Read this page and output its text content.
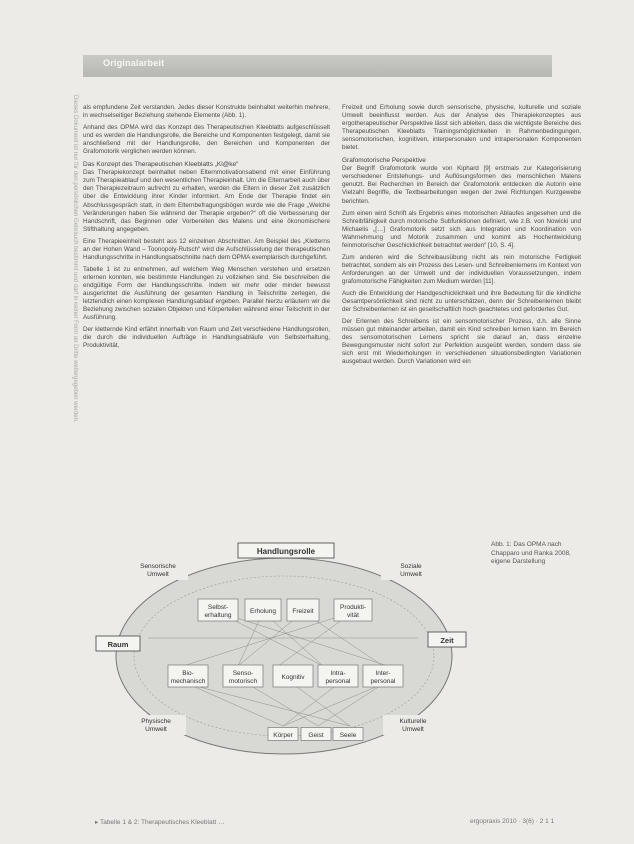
Originalarbeit
Dieses Dokument ist nur für den persönlichen Gebrauch bestimmt und darf in keiner Form an Dritte weitergegeben werden. als empfundene Zeit verstanden. Jedes dieser Konstrukte beinhaltet weiterhin mehrere, in wechselseitiger Beziehung stehende Elemente (Abb. 1).

Anhand des OPMA wird das Konzept des Therapeutischen Kleeblatts aufgeschlüsselt und es werden die Handlungsrolle, die Bereiche und Komponenten festgelegt, damit sie anschließend mit der Handlungsrolle, den Bereichen und Komponenten der Grafomotorik verglichen werden können.

Das Konzept des Therapeutischen Kleeblatts „Kl@ke“

Das Therapiekonzept beinhaltet neben Elternmotivationsabend mit einer Einführung zum Therapieablauf und den wesentlichen Therapieinhalt. Um die Elternarbeit auch über den Therapiezeitraum aufrecht zu erhalten, werden die Eltern in dieser Zeit zusätzlich über die Entwicklung ihrer Kinder informiert. Am Ende der Therapie findet ein Abschlussgespräch statt, in dem Elternbefragungsbögen wurde wie die Frage „Welche Veränderungen haben Sie während der Therapie ergeben?“ oft die Verbesserung der Handschrift, das Beginnen oder Vorbereiten des Malens und eine ökonomischere Stifthaltung angegeben.

Eine Therapieeinheit besteht aus 12 einzelnen Abschnitten. Am Beispiel des „Kletterns an der Hohen Wand – Toonopoly-Rutsch“ wird die Aufschlüsselung der therapeutischen Handlungsschritte in Handlungsabschnitte nach dem OPMA exemplarisch durchgeführt.

Tabelle 1 ist zu entnehmen, auf welchem Weg Menschen verstehen und ersetzen erlernen konnten, wie bestimmte Handlungen zu vollziehen sind. Sie beschreiben die endgültige Form der Handlungsschritte. Indem wir mehr oder minder bewusst ausgerichtet die Ausführung der gesamten Handlung in Teilschritte zerlegen, die letztendlich einen komplexen Handlungsablauf ergeben. Parallel hierzu erläutern wir die Beziehung zwischen sozialen Objekten und Körperteilen während einer Teilschritt in der Ausführung.

Der kletternde Kind erfährt innerhalb von Raum und Zeit verschiedene Handlungsrollen, die durch die individuellen Aufträge in Handlungsabläufe von Selbsterhaltung, Produktivität,

Freizeit und Erholung sowie durch sensorische, physische, kulturelle und soziale Umwelt beeinflusst werden. Aus der Analyse des Therapiekonzeptes aus ergotherapeutischer Perspektive lässt sich ableiten, dass die wichtigste Bereiche des Therapeutischen Kleeblatts Trainingsmöglichkeiten in Rahmenbedingungen, sensomotorischen, kognitiven, interpersonalen und intrapersonalen Komponenten bietet.

Grafomotorische Perspektive

Der Begriff Grafomotorik wurde von Kiphard [9] erstmals zur Kategorisierung verschiedener Entstehungs- und Auflösungsformen des menschlichen Malens genutzt. Bei Recherchen im Bereich der Grafomotorik entdecken die Autorin eine Vielzahl Begriffe, die Textbearbeitungen wegen der zwei Richtungen Kurzgewebe berichten.

Zum einen wird Schrift als Ergebnis eines motorischen Ablaufes angesehen und die Schreibfähigkeit durch motorische Subfunktionen definiert, wie z.B. von Nowicki und Michaelis „[…] Grafomotorik setzt sich aus Integration und Koordination von Wahrnehmung und Motorik zusammen und kommt als Hochentwicklung feinmotorischer Geschicklichkeit betrachtet werden“ [10, S. 4].

Zum anderen wird die Schreibausübung nicht als rein motorische Fertigkeit betrachtet, sondern als ein Prozess des Lesen- und Schreibenlernens im Kontext von Anforderungen an der Umwelt und der individuellen Voraussetzungen, indem grafomotorische Fähigkeiten zum Medium werden [11].

Auch die Entwicklung der Handgeschicklichkeit und ihre Bedeutung für die kindliche Gesamtpersönlichkeit sind nicht zu unterschätzen, denn der Schreibenlernen bleibt der Schreibenlernen ist ein gesellschaftlich hoch geachtetes und gefordertes Gut.

Der Erlernen des Schreibens ist ein sensomotorischer Prozess, d.h. alle Sinne müssen gut miteinander arbeiten, damit ein Kind schreiben lernen kann. Im Bereich des sensomotorischen Lernens spricht sie darauf an, dass einzelne Bewegungsmuster nicht sofort zur Perfektion ausgeübt werden, sondern dass sie sich erst mit Wiederholungen in verschiedenen situationsbedingten Variationen ausgebaut werden. Durch Variationen wird ein

Handlungsrolle
Raum	Zeit
Sensorische
Umwelt
Soziale
Umwelt
Physische
Umwelt
Kulturelle
Umwelt
Selbst-
erhaltung
Erholung	Freizeit
Produkti-
vität
Bio-
mechanisch
Senso-
motorisch
Kognitiv
Intra-
personal
Inter-
personal
Körper Geist Seele
Abb. 1: Das OPMA nach Chapparo und Ranka 2008, eigene Darstellung
▸ Tabelle 1 & 2: Therapeutisches Kleeblatt …	ergopraxis 2010 · 3(6) · 2 1 1
